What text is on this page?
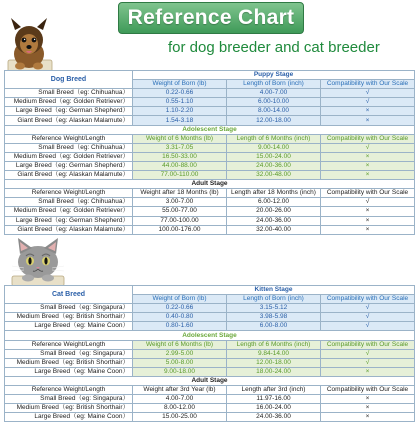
Reference Chart
for dog breeder and cat breeder
Dog Breed	Puppy Stage		
	Weight of Born (lb)	Length of Born (inch)	Compatibility with Our Scale
Small Breed（eg: Chihuahua）	0.22-0.66	4.00-7.00	√
Medium Breed（eg: Golden Retriever）	0.55-1.10	6.00-10.00	√
Large Breed（eg: German Shepherd）	1.10-2.20	8.00-14.00	×
Giant Breed（eg: Alaskan Malamute）	1.54-3.18	12.00-18.00	×
Adolescent Stage			
Reference Weight/Length	Weight of 6 Months (lb)	Length of 6 Months (inch)	Compatibility with Our Scale
Small Breed（eg: Chihuahua）	3.31-7.05	9.00-14.00	√
Medium Breed（eg: Golden Retriever）	16.50-33.00	15.00-24.00	×
Large Breed（eg: German Shepherd）	44.00-88.00	24.00-36.00	×
Giant Breed（eg: Alaskan Malamute）	77.00-110.00	32.00-48.00	×
Adult Stage			
Reference Weight/Length	Weight after 18 Months (lb)	Length after 18 Months (inch)	Compatibility with Our Scale
Small Breed（eg: Chihuahua）	3.00-7.00	6.00-12.00	√
Medium Breed（eg: Golden Retriever）	55.00-77.00	20.00-26.00	×
Large Breed（eg: German Shepherd）	77.00-100.00	24.00-36.00	×
Giant Breed（eg: Alaskan Malamute）	100.00-176.00	32.00-40.00	×
Cat Breed	Kitten Stage		
	Weight of Born (lb)	Length of Born (inch)	Compatibility with Our Scale
Small Breed（eg: Singapura）	0.22-0.66	3.15-5.12	√
Medium Breed（eg: British Shorthair）	0.40-0.80	3.98-5.98	√
Large Breed（eg: Maine Coon）	0.80-1.60	6.00-8.00	√
Adolescent Stage			
Reference Weight/Length	Weight of 6 Months (lb)	Length of 6 Months (inch)	Compatibility with Our Scale
Small Breed（eg: Singapura）	2.99-5.00	9.84-14.00	√
Medium Breed（eg: British Shorthair）	5.00-8.00	12.00-18.00	√
Large Breed（eg: Maine Coon）	9.00-18.00	18.00-24.00	×
Adult Stage			
Reference Weight/Length	Weight after 3rd Year (lb)	Length after 3rd (inch)	Compatibility with Our Scale
Small Breed（eg: Singapura）	4.00-7.00	11.97-16.00	×
Medium Breed（eg: British Shorthair）	8.00-12.00	16.00-24.00	×
Large Breed（eg: Maine Coon）	15.00-25.00	24.00-36.00	×
